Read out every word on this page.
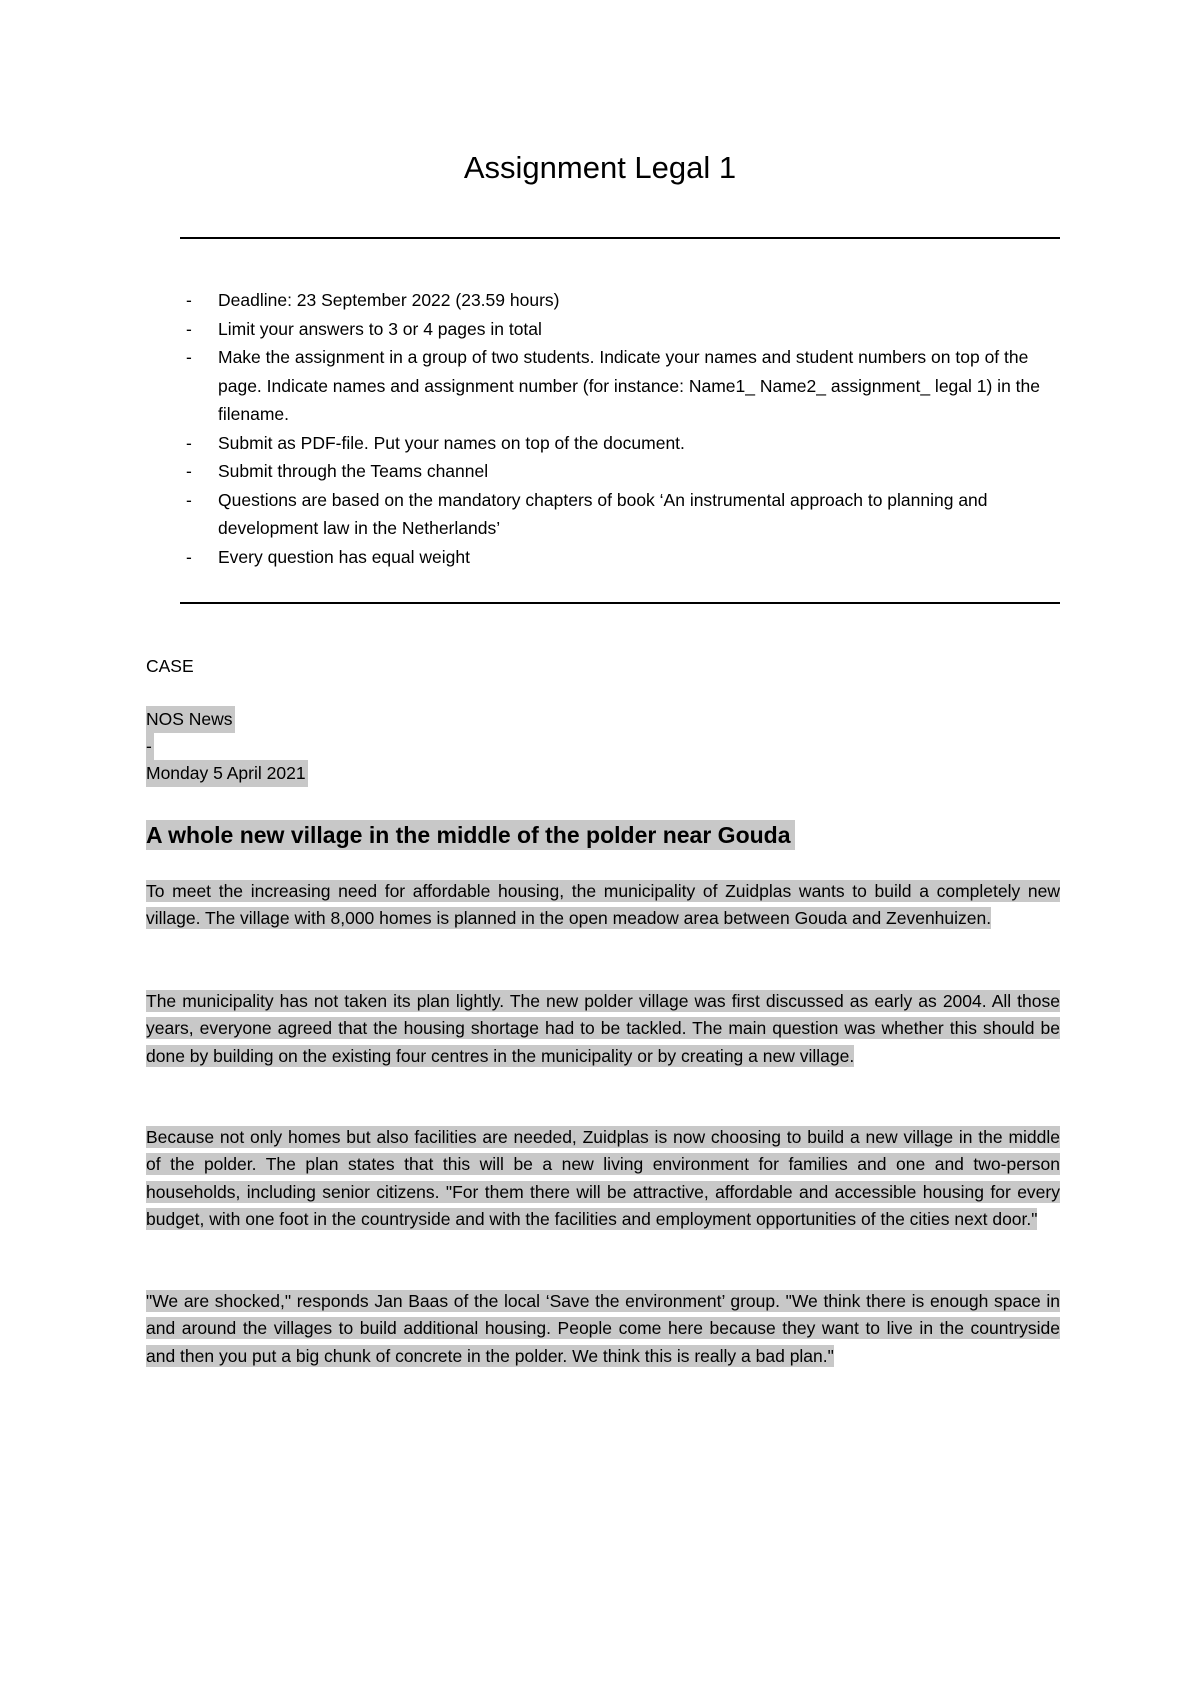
Assignment Legal 1
- Deadline: 23 September 2022 (23.59 hours)
- Limit your answers to 3 or 4 pages in total
- Make the assignment in a group of two students. Indicate your names and student numbers on top of the page. Indicate names and assignment number (for instance: Name1_ Name2_ assignment_ legal 1) in the filename.
- Submit as PDF-file. Put your names on top of the document.
- Submit through the Teams channel
- Questions are based on the mandatory chapters of book ‘An instrumental approach to planning and development law in the Netherlands’
- Every question has equal weight
CASE
NOS News
-
Monday 5 April 2021
A whole new village in the middle of the polder near Gouda
To meet the increasing need for affordable housing, the municipality of Zuidplas wants to build a completely new village. The village with 8,000 homes is planned in the open meadow area between Gouda and Zevenhuizen.
The municipality has not taken its plan lightly. The new polder village was first discussed as early as 2004. All those years, everyone agreed that the housing shortage had to be tackled. The main question was whether this should be done by building on the existing four centres in the municipality or by creating a new village.
Because not only homes but also facilities are needed, Zuidplas is now choosing to build a new village in the middle of the polder. The plan states that this will be a new living environment for families and one and two-person households, including senior citizens. "For them there will be attractive, affordable and accessible housing for every budget, with one foot in the countryside and with the facilities and employment opportunities of the cities next door."
"We are shocked," responds Jan Baas of the local ‘Save the environment’ group. "We think there is enough space in and around the villages to build additional housing. People come here because they want to live in the countryside and then you put a big chunk of concrete in the polder. We think this is really a bad plan."
